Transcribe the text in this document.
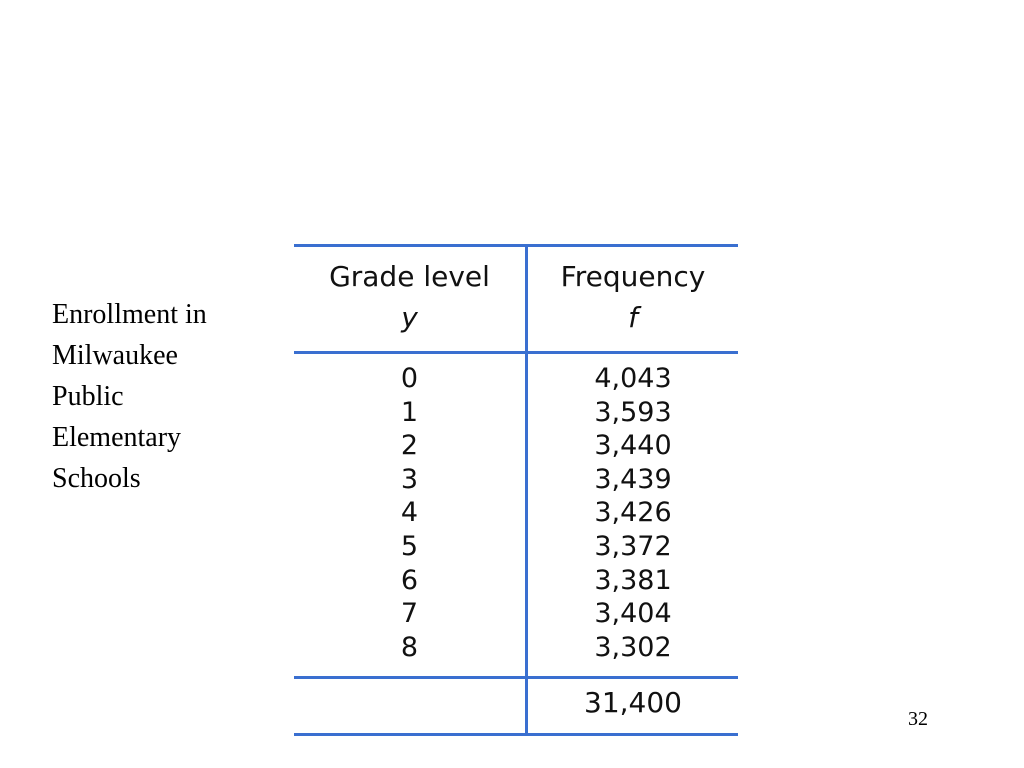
Enrollment in
Milwaukee
Public
Elementary
Schools
Grade level
y
Frequency
f
0
1
2
3
4
5
6
7
8
4,043
3,593
3,440
3,439
3,426
3,372
3,381
3,404
3,302
31,400	32
